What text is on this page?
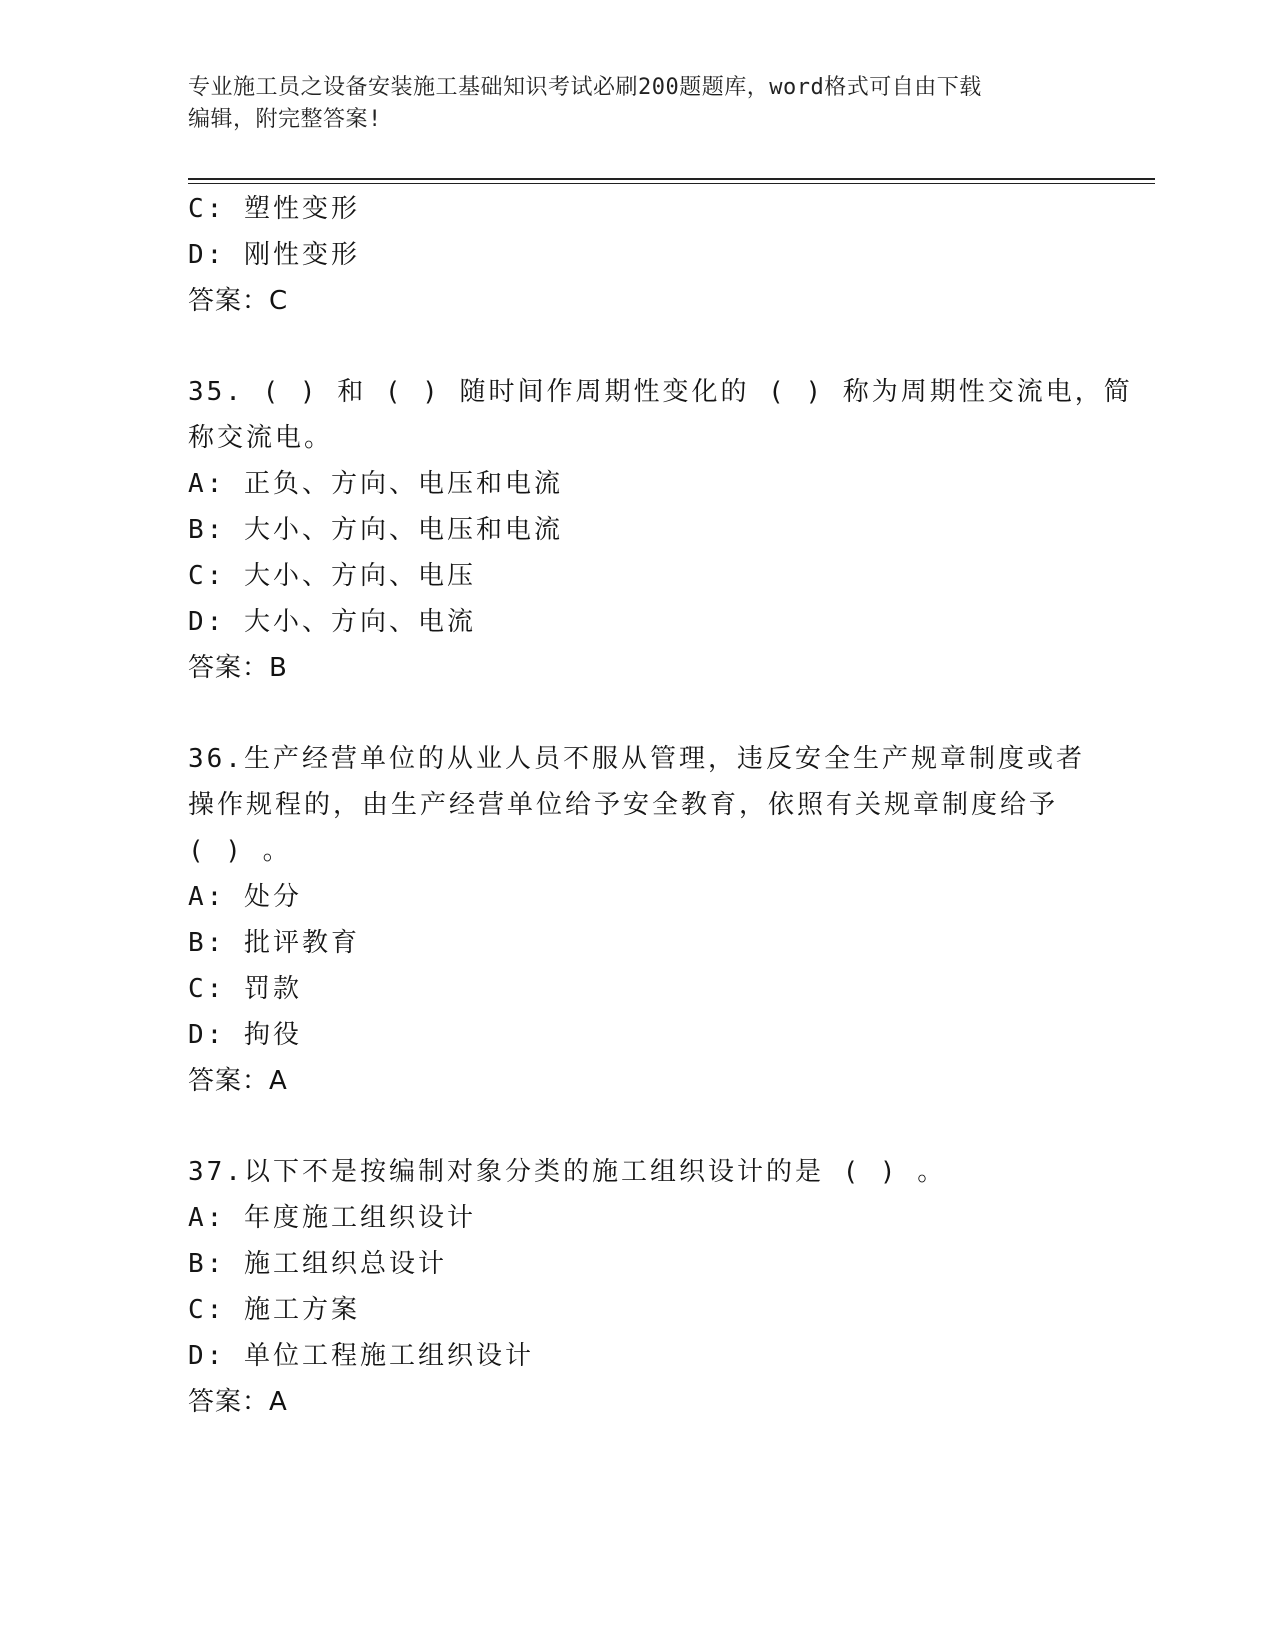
专业施工员之设备安装施工基础知识考试必刷200题题库，word格式可自由下载
编辑，附完整答案!
C: 塑性变形
D: 刚性变形
答案：C
35. ( ) 和 ( ) 随时间作周期性变化的 ( ) 称为周期性交流电，简
称交流电。
A: 正负、方向、电压和电流
B: 大小、方向、电压和电流
C: 大小、方向、电压
D: 大小、方向、电流
答案：B
36.生产经营单位的从业人员不服从管理，违反安全生产规章制度或者
操作规程的，由生产经营单位给予安全教育，依照有关规章制度给予
( ) 。
A: 处分
B: 批评教育
C: 罚款
D: 拘役
答案：A
37.以下不是按编制对象分类的施工组织设计的是 ( ) 。
A: 年度施工组织设计
B: 施工组织总设计
C: 施工方案
D: 单位工程施工组织设计
答案：A
